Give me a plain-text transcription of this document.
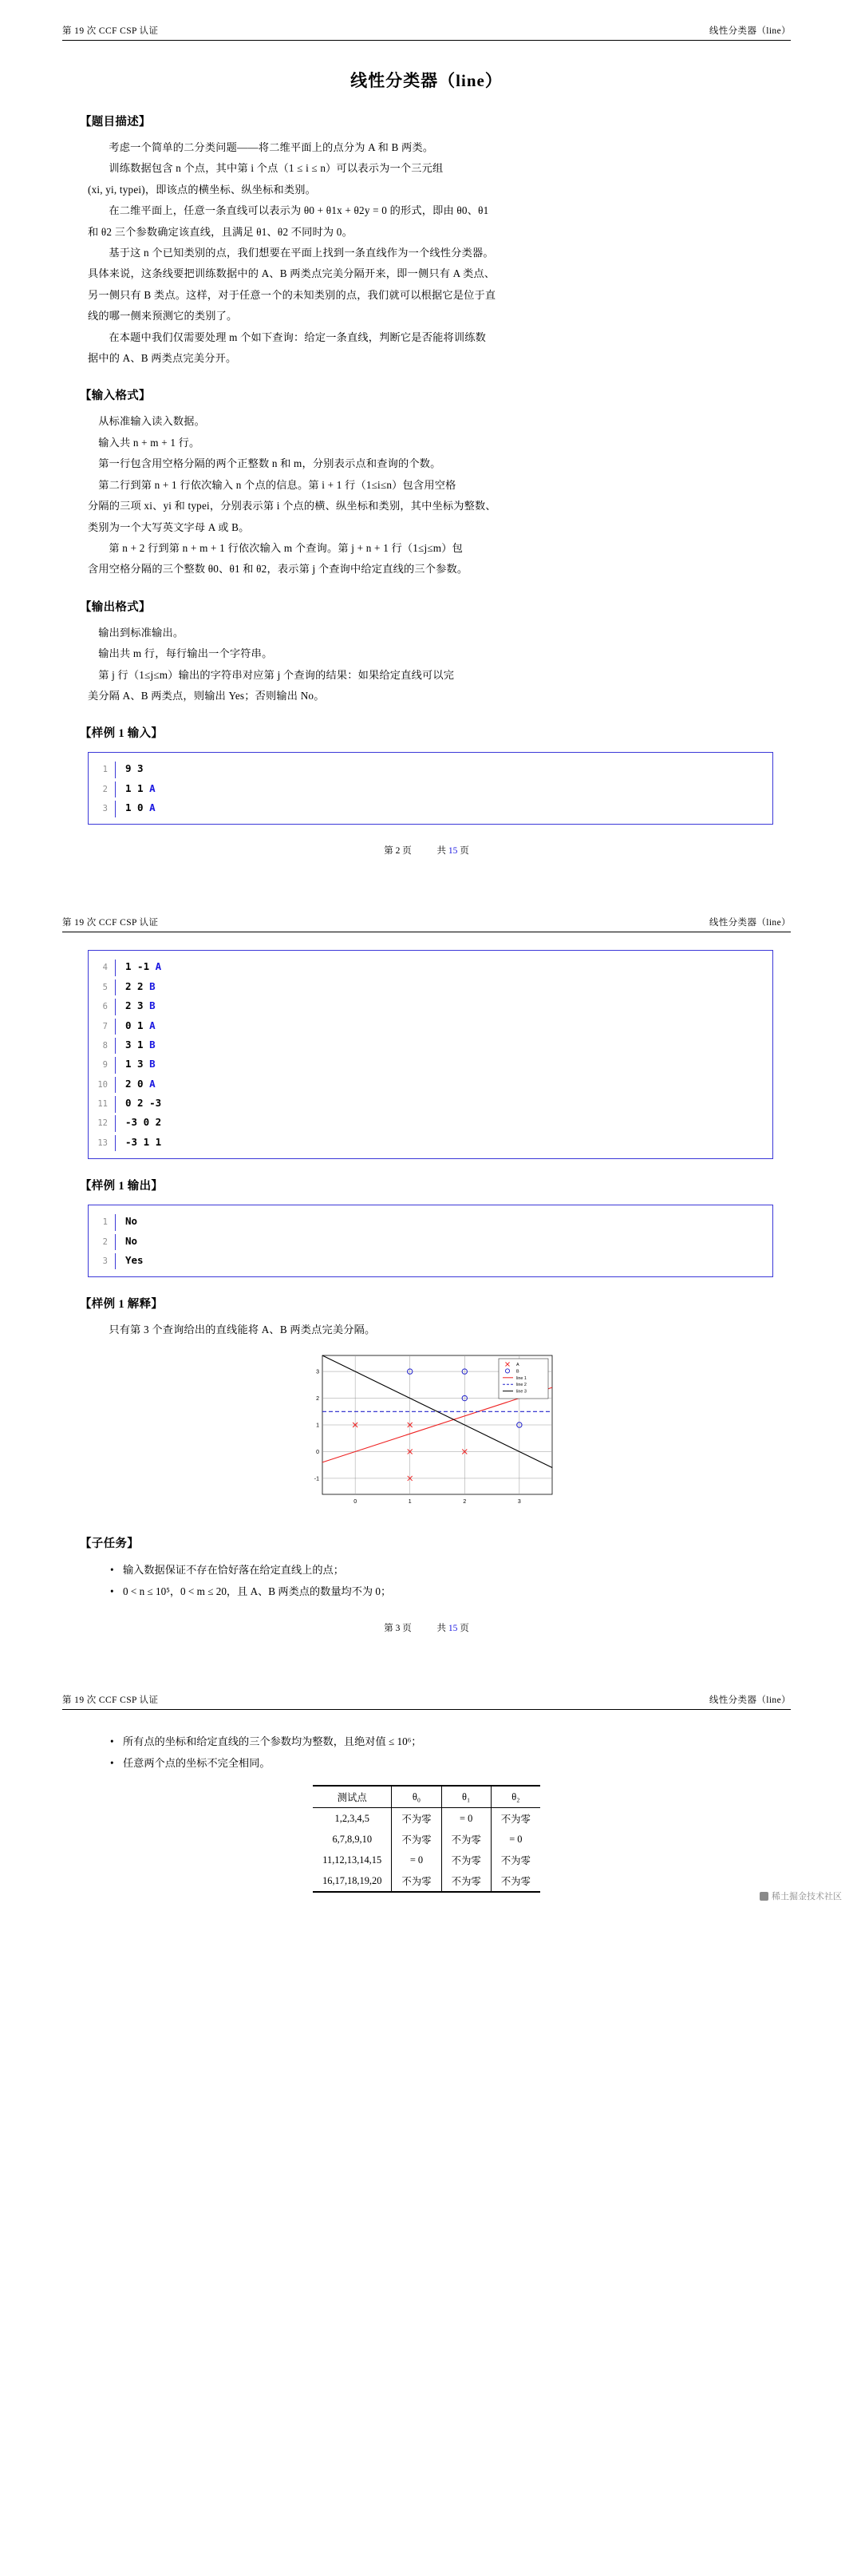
第 19 次 CCF CSP 认证	线性分类器（line）
线性分类器（line）
【题目描述】

考虑一个简单的二分类问题——将二维平面上的点分为 A 和 B 两类。

训练数据包含 n 个点，其中第 i 个点（1 ≤ i ≤ n）可以表示为一个三元组

(xi, yi, typei)，即该点的横坐标、纵坐标和类别。

在二维平面上，任意一条直线可以表示为 θ0 + θ1x + θ2y = 0 的形式，即由 θ0、θ1

和 θ2 三个参数确定该直线，且满足 θ1、θ2 不同时为 0。

基于这 n 个已知类别的点，我们想要在平面上找到一条直线作为一个线性分类器。

具体来说，这条线要把训练数据中的 A、B 两类点完美分隔开来，即一侧只有 A 类点、

另一侧只有 B 类点。这样，对于任意一个的未知类别的点，我们就可以根据它是位于直

线的哪一侧来预测它的类别了。

在本题中我们仅需要处理 m 个如下查询：给定一条直线，判断它是否能将训练数

据中的 A、B 两类点完美分开。

【输入格式】

从标准输入读入数据。

输入共 n + m + 1 行。

第一行包含用空格分隔的两个正整数 n 和 m，分别表示点和查询的个数。

第二行到第 n + 1 行依次输入 n 个点的信息。第 i + 1 行（1≤i≤n）包含用空格

分隔的三项 xi、yi 和 typei，分别表示第 i 个点的横、纵坐标和类别，其中坐标为整数、

类别为一个大写英文字母 A 或 B。

第 n + 2 行到第 n + m + 1 行依次输入 m 个查询。第 j + n + 1 行（1≤j≤m）包

含用空格分隔的三个整数 θ0、θ1 和 θ2，表示第 j 个查询中给定直线的三个参数。

【输出格式】

输出到标准输出。

输出共 m 行，每行输出一个字符串。

第 j 行（1≤j≤m）输出的字符串对应第 j 个查询的结果：如果给定直线可以完

美分隔 A、B 两类点，则输出 Yes；否则输出 No。

【样例 1 输入】
1	9 3
2	1 1 A
3	1 0 A
第 2 页	共 15 页
第 19 次 CCF CSP 认证	线性分类器（line）
4	1 -1 A
5	2 2 B
6	2 3 B
7	0 1 A
8	3 1 B
9	1 3 B
10	2 0 A
11	0 2 -3
12	-3 0 2
13	-3 1 1
【样例 1 输出】
1	No
2	No
3	Yes
【样例 1 解释】

只有第 3 个查询给出的直线能将 A、B 两类点完美分隔。

0	1	2	3
-1
0
1
2
3
A
B
line 1
line 2
line 3
【子任务】
• 输入数据保证不存在恰好落在给定直线上的点；
• 0 < n ≤ 10⁵，0 < m ≤ 20，且 A、B 两类点的数量均不为 0；
第 3 页	共 15 页
第 19 次 CCF CSP 认证	线性分类器（line）
• 所有点的坐标和给定直线的三个参数均为整数，且绝对值 ≤ 10⁶；
• 任意两个点的坐标不完全相同。
测试点	θ₀	θ₁	θ₂
1,2,3,4,5	不为零	= 0	不为零
6,7,8,9,10	不为零	不为零	= 0
11,12,13,14,15	= 0	不为零	不为零
16,17,18,19,20	不为零	不为零	不为零
稀土掘金技术社区
